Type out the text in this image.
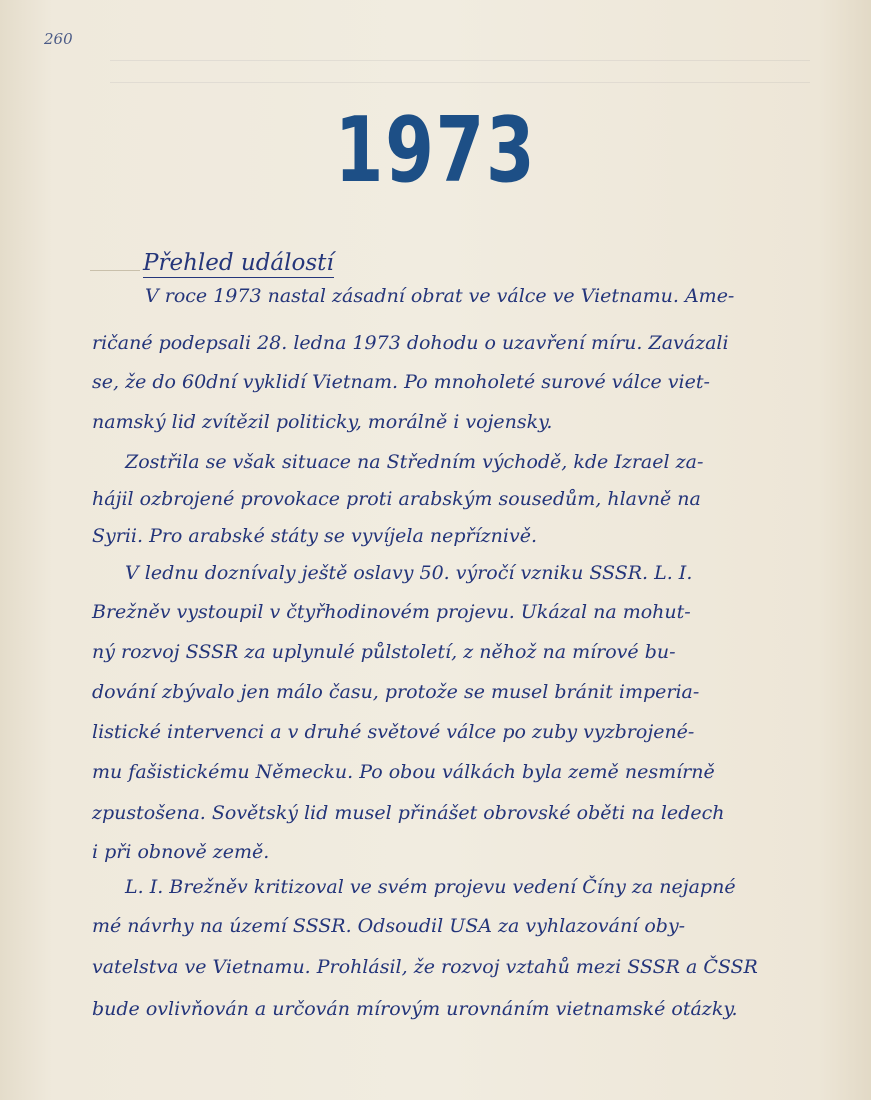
260
1973
Přehled událostí
V roce 1973 nastal zásadní obrat ve válce ve Vietnamu. Ame-
ričané podepsali 28. ledna 1973 dohodu o uzavření míru. Zavázali
se, že do 60dní vyklidí Vietnam. Po mnoholeté surové válce viet-
namský lid zvítězil politicky, morálně i vojensky.
Zostřila se však situace na Středním východě, kde Izrael za-
hájil ozbrojené provokace proti arabským sousedům, hlavně na
Syrii. Pro arabské státy se vyvíjela nepříznivě.
V lednu doznívaly ještě oslavy 50. výročí vzniku SSSR. L. I.
Brežněv vystoupil v čtyřhodinovém projevu. Ukázal na mohut-
ný rozvoj SSSR za uplynulé půlstoletí, z něhož na mírové bu-
dování zbývalo jen málo času, protože se musel bránit imperia-
listické intervenci a v druhé světové válce po zuby vyzbrojené-
mu fašistickému Německu. Po obou válkách byla země nesmírně
zpustošena. Sovětský lid musel přinášet obrovské oběti na ledech
i při obnově země.
L. I. Brežněv kritizoval ve svém projevu vedení Číny za nejapné
mé návrhy na území SSSR. Odsoudil USA za vyhlazování oby-
vatelstva ve Vietnamu. Prohlásil, že rozvoj vztahů mezi SSSR a ČSSR
bude ovlivňován a určován mírovým urovnáním vietnamské otázky.
